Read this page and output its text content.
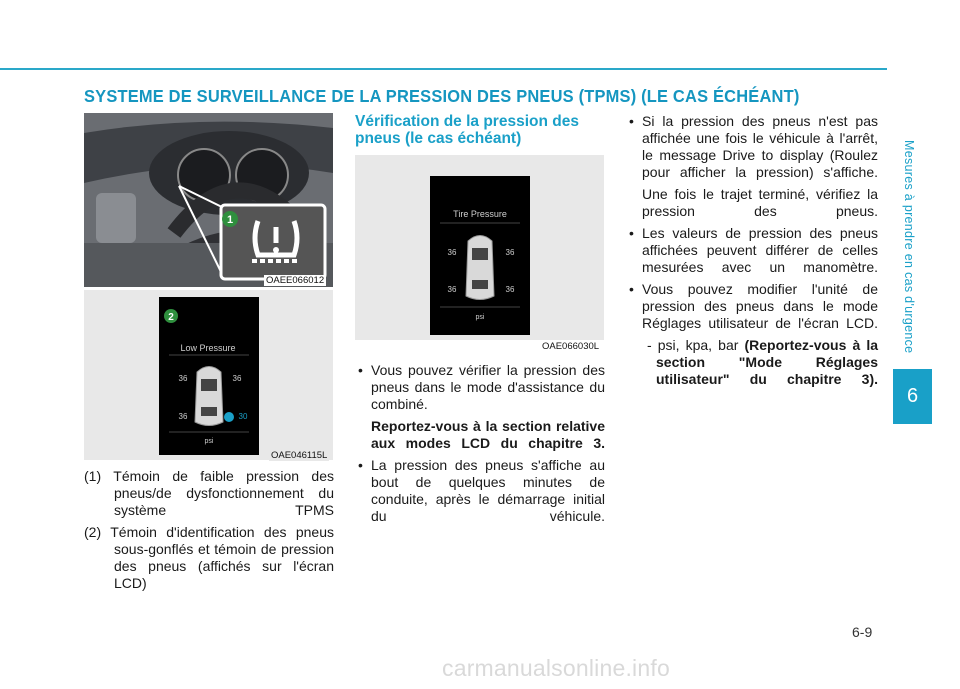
SYSTEME DE SURVEILLANCE DE LA PRESSION DES PNEUS (TPMS) (LE CAS ÉCHÉANT)
Mesures à prendre en cas d'urgence
6
1
OAEE066012
2
Low Pressure
36	36
36	30
psi
OAE046115L

(1) Témoin de faible pression des pneus/de dysfonctionnement du système TPMS

(2) Témoin d'identification des pneus sous-gonflés et témoin de pression des pneus (affichés sur l'écran LCD)

Vérification de la pression des pneus (le cas échéant)
Tire Pressure
36	36
36	36
psi
OAE066030L

• Vous pouvez vérifier la pression des pneus dans le mode d'assistance du combiné.

Reportez-vous à la section relative aux modes LCD du chapitre 3.

• La pression des pneus s'affiche au bout de quelques minutes de conduite, après le démarrage initial du véhicule.

• Si la pression des pneus n'est pas affichée une fois le véhicule à l'arrêt, le message Drive to display (Roulez pour afficher la pression) s'affiche.

Une fois le trajet terminé, vérifiez la pression des pneus.

• Les valeurs de pression des pneus affichées peuvent différer de celles mesurées avec un manomètre.

• Vous pouvez modifier l'unité de pression des pneus dans le mode Réglages utilisateur de l'écran LCD.

- psi, kpa, bar (Reportez-vous à la section "Mode Réglages utilisateur" du chapitre 3).

6-9
carmanualsonline.info
